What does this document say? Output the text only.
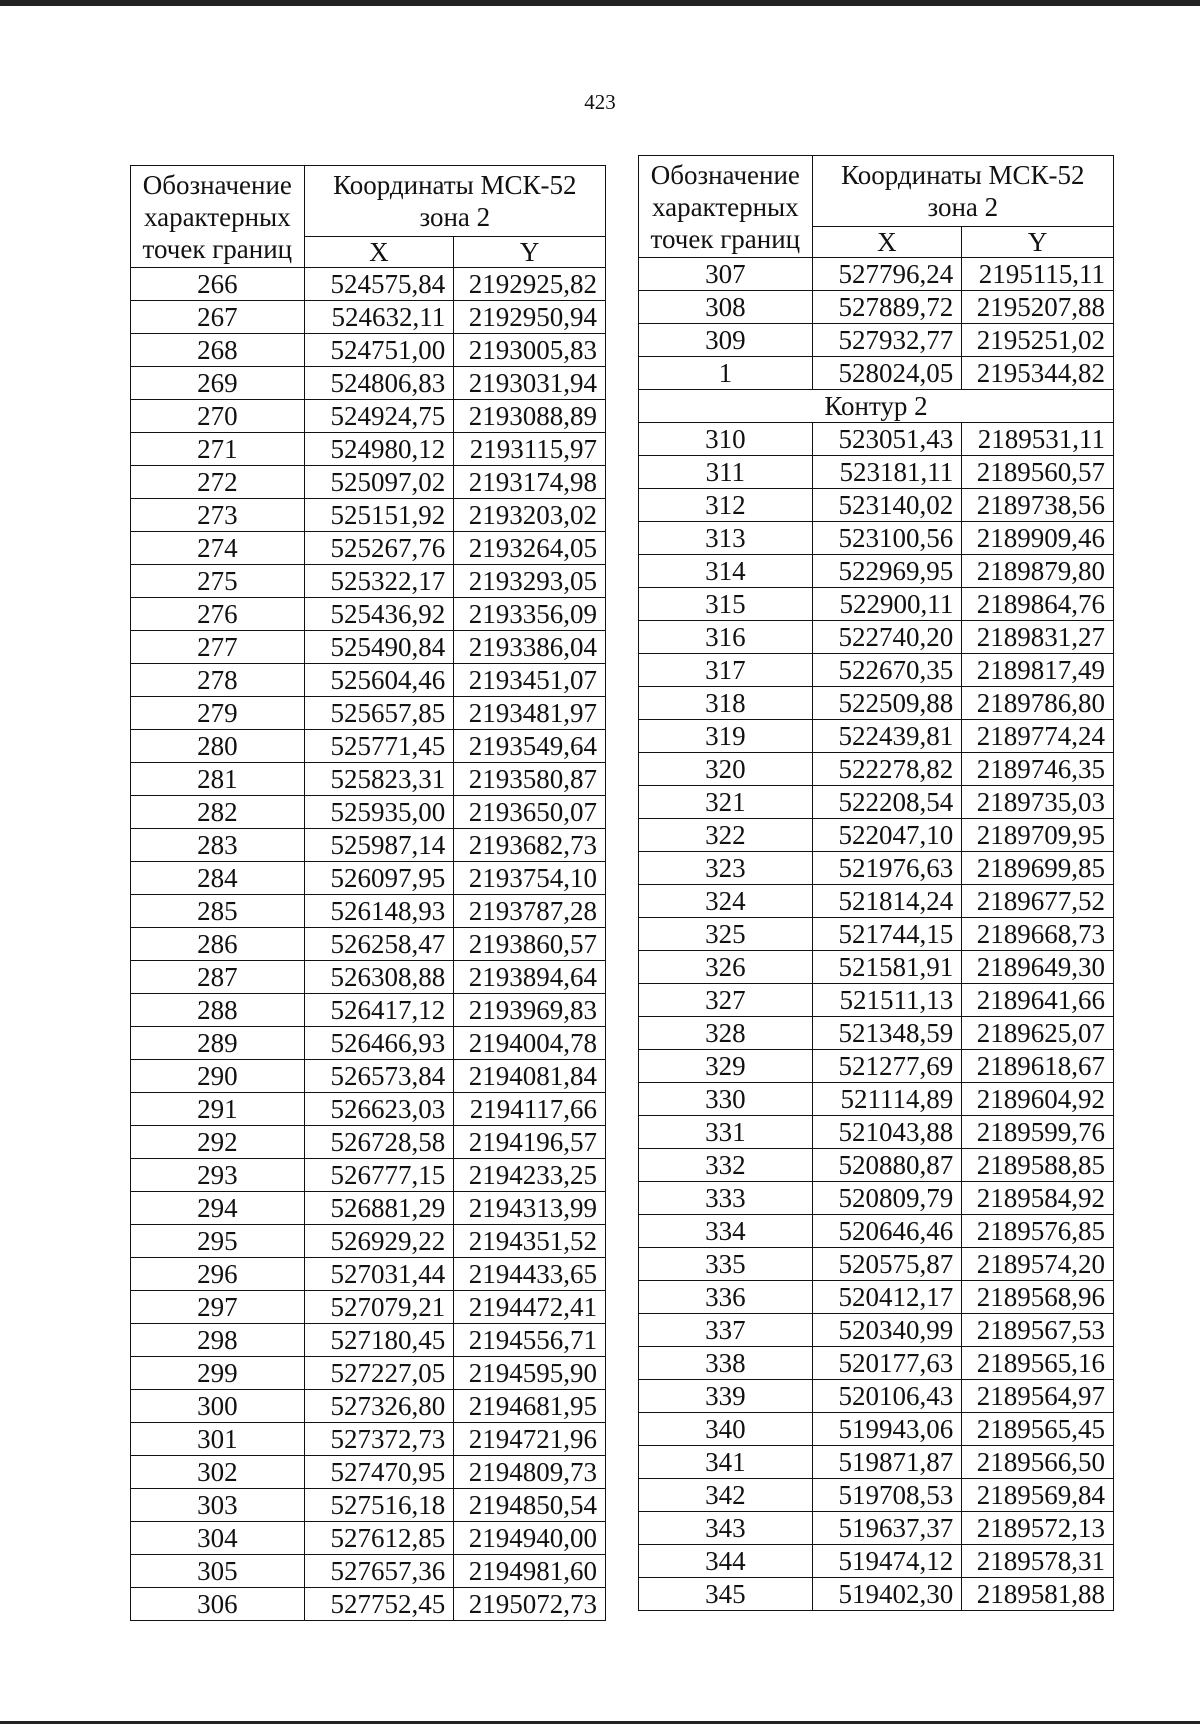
423
Обозначение характерных точек границ	Координаты МСК-52
зона 2	
	X	Y
266	524575,84	2192925,82
267	524632,11	2192950,94
268	524751,00	2193005,83
269	524806,83	2193031,94
270	524924,75	2193088,89
271	524980,12	2193115,97
272	525097,02	2193174,98
273	525151,92	2193203,02
274	525267,76	2193264,05
275	525322,17	2193293,05
276	525436,92	2193356,09
277	525490,84	2193386,04
278	525604,46	2193451,07
279	525657,85	2193481,97
280	525771,45	2193549,64
281	525823,31	2193580,87
282	525935,00	2193650,07
283	525987,14	2193682,73
284	526097,95	2193754,10
285	526148,93	2193787,28
286	526258,47	2193860,57
287	526308,88	2193894,64
288	526417,12	2193969,83
289	526466,93	2194004,78
290	526573,84	2194081,84
291	526623,03	2194117,66
292	526728,58	2194196,57
293	526777,15	2194233,25
294	526881,29	2194313,99
295	526929,22	2194351,52
296	527031,44	2194433,65
297	527079,21	2194472,41
298	527180,45	2194556,71
299	527227,05	2194595,90
300	527326,80	2194681,95
301	527372,73	2194721,96
302	527470,95	2194809,73
303	527516,18	2194850,54
304	527612,85	2194940,00
305	527657,36	2194981,60
306	527752,45	2195072,73
Обозначение характерных точек границ	Координаты МСК-52
зона 2	
	X	Y
307	527796,24	2195115,11
308	527889,72	2195207,88
309	527932,77	2195251,02
1	528024,05	2195344,82
Контур 2		
310	523051,43	2189531,11
311	523181,11	2189560,57
312	523140,02	2189738,56
313	523100,56	2189909,46
314	522969,95	2189879,80
315	522900,11	2189864,76
316	522740,20	2189831,27
317	522670,35	2189817,49
318	522509,88	2189786,80
319	522439,81	2189774,24
320	522278,82	2189746,35
321	522208,54	2189735,03
322	522047,10	2189709,95
323	521976,63	2189699,85
324	521814,24	2189677,52
325	521744,15	2189668,73
326	521581,91	2189649,30
327	521511,13	2189641,66
328	521348,59	2189625,07
329	521277,69	2189618,67
330	521114,89	2189604,92
331	521043,88	2189599,76
332	520880,87	2189588,85
333	520809,79	2189584,92
334	520646,46	2189576,85
335	520575,87	2189574,20
336	520412,17	2189568,96
337	520340,99	2189567,53
338	520177,63	2189565,16
339	520106,43	2189564,97
340	519943,06	2189565,45
341	519871,87	2189566,50
342	519708,53	2189569,84
343	519637,37	2189572,13
344	519474,12	2189578,31
345	519402,30	2189581,88
